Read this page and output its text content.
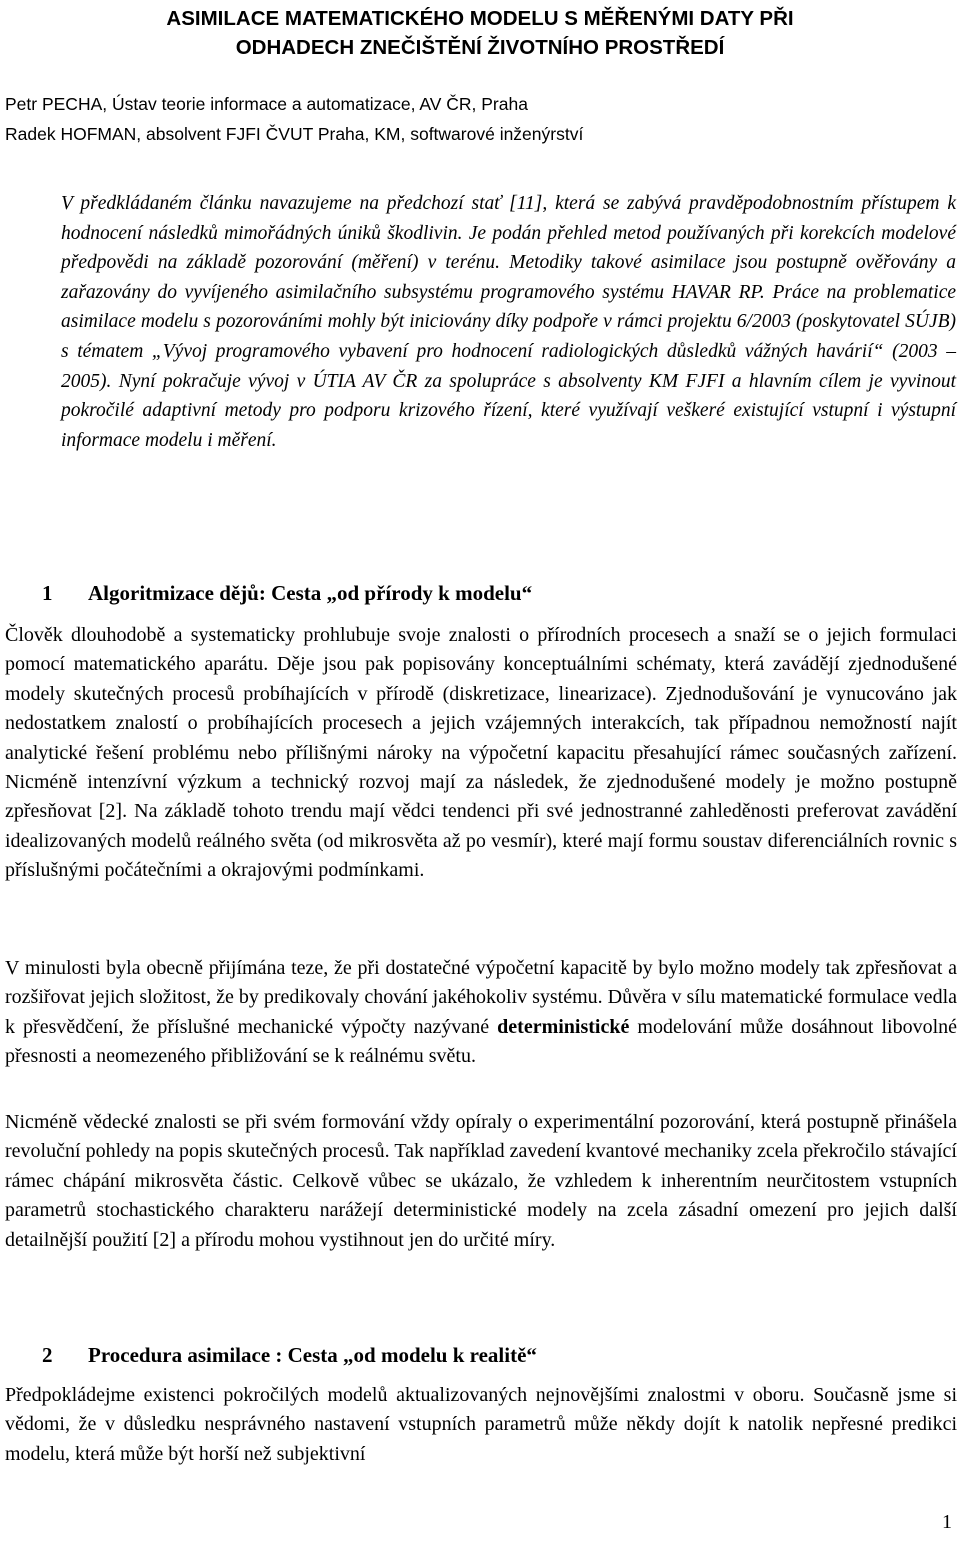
ASIMILACE MATEMATICKÉHO MODELU S MĚŘENÝMI DATY PŘI
ODHADECH ZNEČIŠTĚNÍ ŽIVOTNÍHO PROSTŘEDÍ
Petr PECHA, Ústav teorie informace a automatizace, AV ČR, Praha
Radek HOFMAN, absolvent FJFI ČVUT Praha, KM, softwarové inženýrství

V předkládaném článku navazujeme na předchozí stať [11], která se zabývá pravděpodobnostním přístupem k hodnocení následků mimořádných úniků škodlivin. Je podán přehled metod používaných při korekcích modelové předpovědi na základě pozorování (měření) v terénu. Metodiky takové asimilace jsou postupně ověřovány a zařazovány do vyvíjeného asimilačního subsystému programového systému HAVAR RP. Práce na problematice asimilace modelu s pozorováními mohly být iniciovány díky podpoře v rámci projektu 6/2003 (poskytovatel SÚJB) s tématem „Vývoj programového vybavení pro hodnocení radiologických důsledků vážných havárií“ (2003 – 2005). Nyní pokračuje vývoj v ÚTIA AV ČR za spolupráce s absolventy KM FJFI a hlavním cílem je vyvinout pokročilé adaptivní metody pro podporu krizového řízení, které využívají veškeré existující vstupní i výstupní informace modelu i měření.

1 Algoritmizace dějů: Cesta „od přírody k modelu“

Člověk dlouhodobě a systematicky prohlubuje svoje znalosti o přírodních procesech a snaží se o jejich formulaci pomocí matematického aparátu. Děje jsou pak popisovány konceptuálními schématy, která zavádějí zjednodušené modely skutečných procesů probíhajících v přírodě (diskretizace, linearizace). Zjednodušování je vynucováno jak nedostatkem znalostí o probíhajících procesech a jejich vzájemných interakcích, tak případnou nemožností najít analytické řešení problému nebo přílišnými nároky na výpočetní kapacitu přesahující rámec současných zařízení. Nicméně intenzívní výzkum a technický rozvoj mají za následek, že zjednodušené modely je možno postupně zpřesňovat [2]. Na základě tohoto trendu mají vědci tendenci při své jednostranné zahleděnosti preferovat zavádění idealizovaných modelů reálného světa (od mikrosvěta až po vesmír), které mají formu soustav diferenciálních rovnic s příslušnými počátečními a okrajovými podmínkami.

V minulosti byla obecně přijímána teze, že při dostatečné výpočetní kapacitě by bylo možno modely tak zpřesňovat a rozšiřovat jejich složitost, že by predikovaly chování jakéhokoliv systému. Důvěra v sílu matematické formulace vedla k přesvědčení, že příslušné mechanické výpočty nazývané deterministické modelování může dosáhnout libovolné přesnosti a neomezeného přibližování se k reálnému světu.

Nicméně vědecké znalosti se při svém formování vždy opíraly o experimentální pozorování, která postupně přinášela revoluční pohledy na popis skutečných procesů. Tak například zavedení kvantové mechaniky zcela překročilo stávající rámec chápání mikrosvěta částic. Celkově vůbec se ukázalo, že vzhledem k inherentním neurčitostem vstupních parametrů stochastického charakteru narážejí deterministické modely na zcela zásadní omezení pro jejich další detailnější použití [2] a přírodu mohou vystihnout jen do určité míry.

2 Procedura asimilace : Cesta „od modelu k realitě“

Předpokládejme existenci pokročilých modelů aktualizovaných nejnovějšími znalostmi v oboru. Současně jsme si vědomi, že v důsledku nesprávného nastavení vstupních parametrů může někdy dojít k natolik nepřesné predikci modelu, která může být horší než subjektivní

1
